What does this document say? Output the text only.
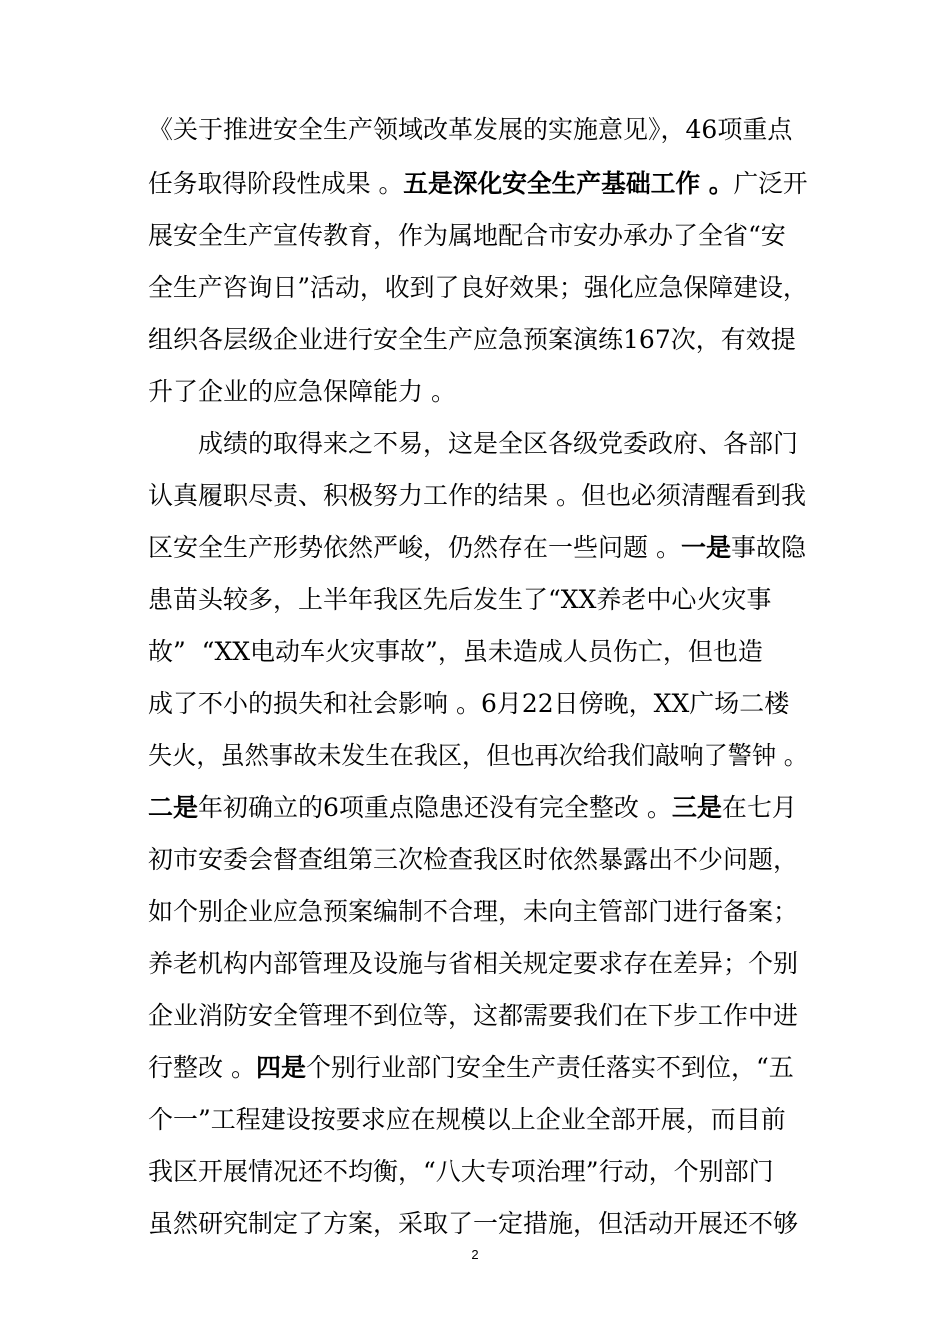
《关于推进安全生产领域改革发展的实施意见》，46项重点
任务取得阶段性成果 。五是深化安全生产基础工作 。广泛开
展安全生产宣传教育，作为属地配合市安办承办了全省“安
全生产咨询日”活动，收到了良好效果；强化应急保障建设，
组织各层级企业进行安全生产应急预案演练167次，有效提
升了企业的应急保障能力 。
成绩的取得来之不易，这是全区各级党委政府、各部门
认真履职尽责、积极努力工作的结果 。但也必须清醒看到我
区安全生产形势依然严峻，仍然存在一些问题 。一是事故隐
患苗头较多，上半年我区先后发生了“XX养老中心火灾事
故”  “XX电动车火灾事故”，虽未造成人员伤亡，但也造
成了不小的损失和社会影响 。6月22日傍晚，XX广场二楼
失火，虽然事故未发生在我区，但也再次给我们敲响了警钟 。
二是年初确立的6项重点隐患还没有完全整改 。三是在七月
初市安委会督查组第三次检查我区时依然暴露出不少问题，
如个别企业应急预案编制不合理，未向主管部门进行备案；
养老机构内部管理及设施与省相关规定要求存在差异；个别
企业消防安全管理不到位等，这都需要我们在下步工作中进
行整改 。四是个别行业部门安全生产责任落实不到位，“五
个一”工程建设按要求应在规模以上企业全部开展，而目前
我区开展情况还不均衡，“八大专项治理”行动，个别部门
虽然研究制定了方案，采取了一定措施，但活动开展还不够
2
